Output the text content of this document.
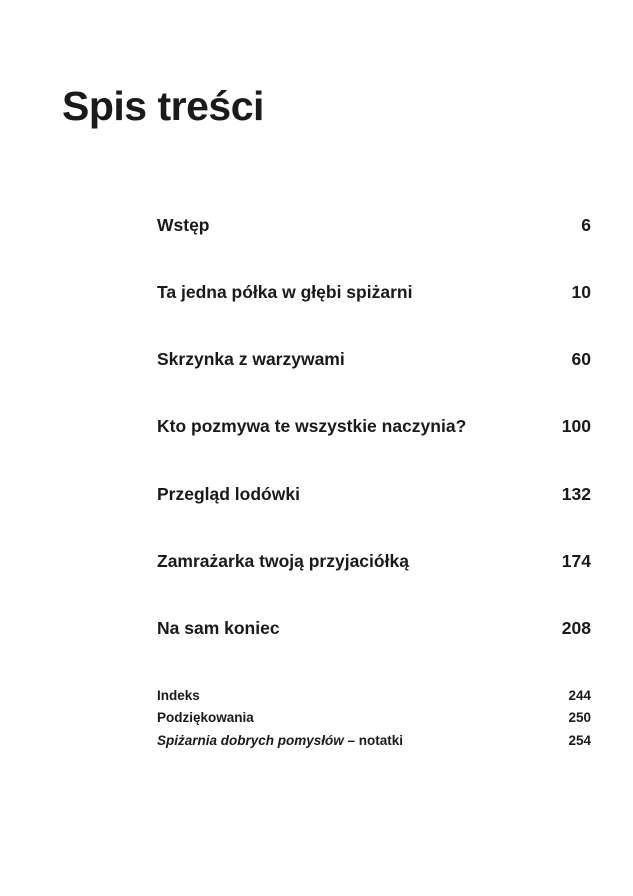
Spis treści
Wstęp	6
Ta jedna półka w głębi spiżarni	10
Skrzynka z warzywami	60
Kto pozmywa te wszystkie naczynia?	100
Przegląd lodówki	132
Zamrażarka twoją przyjaciółką	174
Na sam koniec	208
Indeks	244
Podziękowania	250
Spiżarnia dobrych pomysłów – notatki	254
